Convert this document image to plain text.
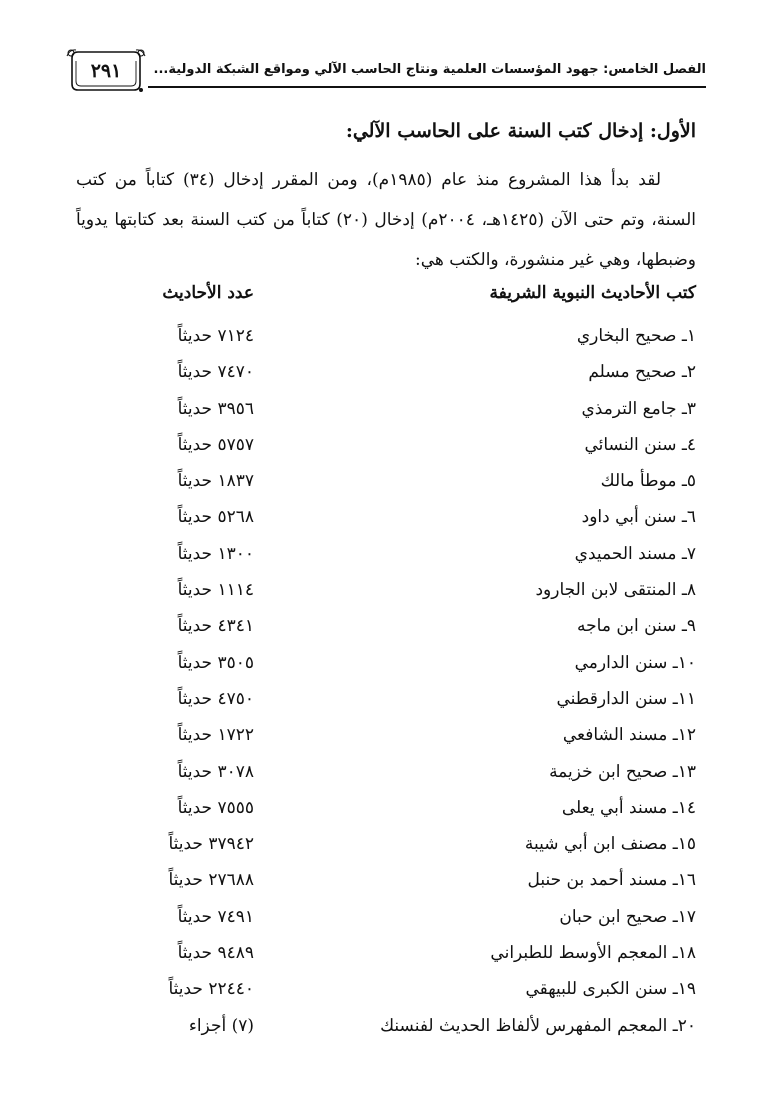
الفصل الخامس: جهود المؤسسات العلمية ونتاج الحاسب الآلي ومواقع الشبكة الدولية...
٢٩١
الأول: إدخال كتب السنة على الحاسب الآلي:

لقد بدأ هذا المشروع منذ عام (١٩٨٥م)، ومن المقرر إدخال (٣٤) كتاباً من كتب السنة، وتم حتى الآن (١٤٢٥هـ، ٢٠٠٤م) إدخال (٢٠) كتاباً من كتب السنة بعد كتابتها يدوياً وضبطها، وهي غير منشورة، والكتب هي:

كتب الأحاديث النبوية الشريفة
عدد الأحاديث
١ـ صحيح البخاري
٧١٢٤ حديثاً
٢ـ صحيح مسلم
٧٤٧٠ حديثاً
٣ـ جامع الترمذي
٣٩٥٦ حديثاً
٤ـ سنن النسائي
٥٧٥٧ حديثاً
٥ـ موطأ مالك
١٨٣٧ حديثاً
٦ـ سنن أبي داود
٥٢٦٨ حديثاً
٧ـ مسند الحميدي
١٣٠٠ حديثاً
٨ـ المنتقى لابن الجارود
١١١٤ حديثاً
٩ـ سنن ابن ماجه
٤٣٤١ حديثاً
١٠ـ سنن الدارمي
٣٥٠٥ حديثاً
١١ـ سنن الدارقطني
٤٧٥٠ حديثاً
١٢ـ مسند الشافعي
١٧٢٢ حديثاً
١٣ـ صحيح ابن خزيمة
٣٠٧٨ حديثاً
١٤ـ مسند أبي يعلى
٧٥٥٥ حديثاً
١٥ـ مصنف ابن أبي شيبة
٣٧٩٤٢ حديثاً
١٦ـ مسند أحمد بن حنبل
٢٧٦٨٨ حديثاً
١٧ـ صحيح ابن حبان
٧٤٩١ حديثاً
١٨ـ المعجم الأوسط للطبراني
٩٤٨٩ حديثاً
١٩ـ سنن الكبرى للبيهقي
٢٢٤٤٠ حديثاً
٢٠ـ المعجم المفهرس لألفاظ الحديث لفنسنك
(٧) أجزاء
